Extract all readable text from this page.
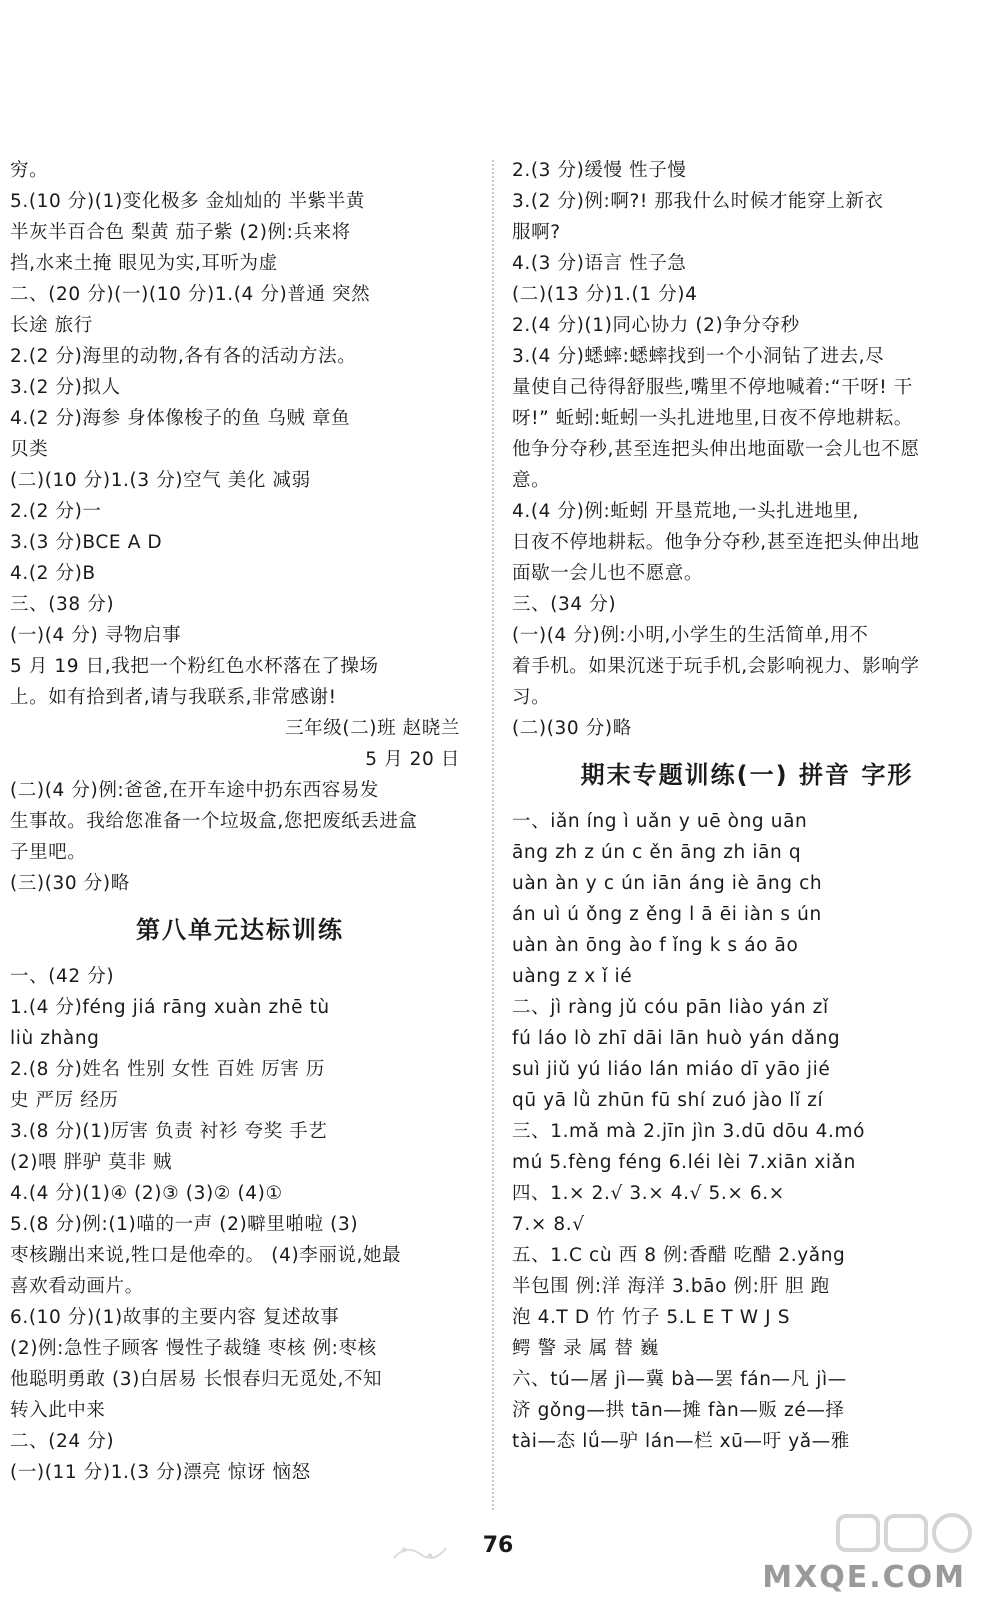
穷。
5.(10 分)(1)变化极多 金灿灿的 半紫半黄
半灰半百合色 梨黄 茄子紫 (2)例:兵来将
挡,水来土掩 眼见为实,耳听为虚
二、(20 分)(一)(10 分)1.(4 分)普通 突然
长途 旅行
2.(2 分)海里的动物,各有各的活动方法。
3.(2 分)拟人
4.(2 分)海参 身体像梭子的鱼 乌贼 章鱼
贝类
(二)(10 分)1.(3 分)空气 美化 减弱
2.(2 分)一
3.(3 分)BCE A D
4.(2 分)B
三、(38 分)
(一)(4 分) 寻物启事
5 月 19 日,我把一个粉红色水杯落在了操场
上。如有拾到者,请与我联系,非常感谢!
三年级(二)班 赵晓兰
5 月 20 日
(二)(4 分)例:爸爸,在开车途中扔东西容易发
生事故。我给您准备一个垃圾盒,您把废纸丢进盒
子里吧。
(三)(30 分)略
第八单元达标训练
一、(42 分)
1.(4 分)féng jiá rāng xuàn zhē tù
liù zhàng
2.(8 分)姓名 性别 女性 百姓 厉害 历
史 严厉 经历
3.(8 分)(1)厉害 负责 衬衫 夸奖 手艺
(2)喂 胖驴 莫非 贼
4.(4 分)(1)④ (2)③ (3)② (4)①
5.(8 分)例:(1)喵的一声 (2)噼里啪啦 (3)
枣核蹦出来说,牲口是他牵的。 (4)李丽说,她最
喜欢看动画片。
6.(10 分)(1)故事的主要内容 复述故事
(2)例:急性子顾客 慢性子裁缝 枣核 例:枣核
他聪明勇敢 (3)白居易 长恨春归无觅处,不知
转入此中来
二、(24 分)
(一)(11 分)1.(3 分)漂亮 惊讶 恼怒
2.(3 分)缓慢 性子慢
3.(2 分)例:啊?! 那我什么时候才能穿上新衣
服啊?
4.(3 分)语言 性子急
(二)(13 分)1.(1 分)4
2.(4 分)(1)同心协力 (2)争分夺秒
3.(4 分)蟋蟀:蟋蟀找到一个小洞钻了进去,尽
量使自己待得舒服些,嘴里不停地喊着:“干呀! 干
呀!” 蚯蚓:蚯蚓一头扎进地里,日夜不停地耕耘。
他争分夺秒,甚至连把头伸出地面歇一会儿也不愿
意。
4.(4 分)例:蚯蚓 开垦荒地,一头扎进地里,
日夜不停地耕耘。他争分夺秒,甚至连把头伸出地
面歇一会儿也不愿意。
三、(34 分)
(一)(4 分)例:小明,小学生的生活简单,用不
着手机。如果沉迷于玩手机,会影响视力、影响学
习。
(二)(30 分)略
期末专题训练(一) 拼音 字形
一、iǎn íng ì uǎn y uē òng uān
āng zh z ún c ěn āng zh iān q
uàn àn y c ún iān áng iè āng ch
án uì ú ǒng z ěng l ā ēi iàn s ún
uàn àn ōng ào f ǐng k s áo āo
uàng z x ǐ ié
二、jì ràng jǔ cóu pān liào yán zǐ
fú láo lò zhī dāi lān huò yán dǎng
suì jiǔ yú liáo lán miáo dī yāo jié
qū yā lǜ zhūn fū shí zuó jào lǐ zí
三、1.mǎ mà 2.jīn jìn 3.dū dōu 4.mó
mú 5.fèng féng 6.léi lèi 7.xiān xiǎn
四、1.× 2.√ 3.× 4.√ 5.× 6.×
7.× 8.√
五、1.C cù 西 8 例:香醋 吃醋 2.yǎng
半包围 例:洋 海洋 3.bāo 例:肝 胆 跑
泡 4.T D 竹 竹子 5.L E T W J S
鳄 警 录 属 替 巍
六、tú—屠 jì—冀 bà—罢 fán—凡 jì—
济 gǒng—拱 tān—摊 fàn—贩 zé—择
tài—态 lǘ—驴 lán—栏 xū—吁 yǎ—雅
76
MXQE.COM
